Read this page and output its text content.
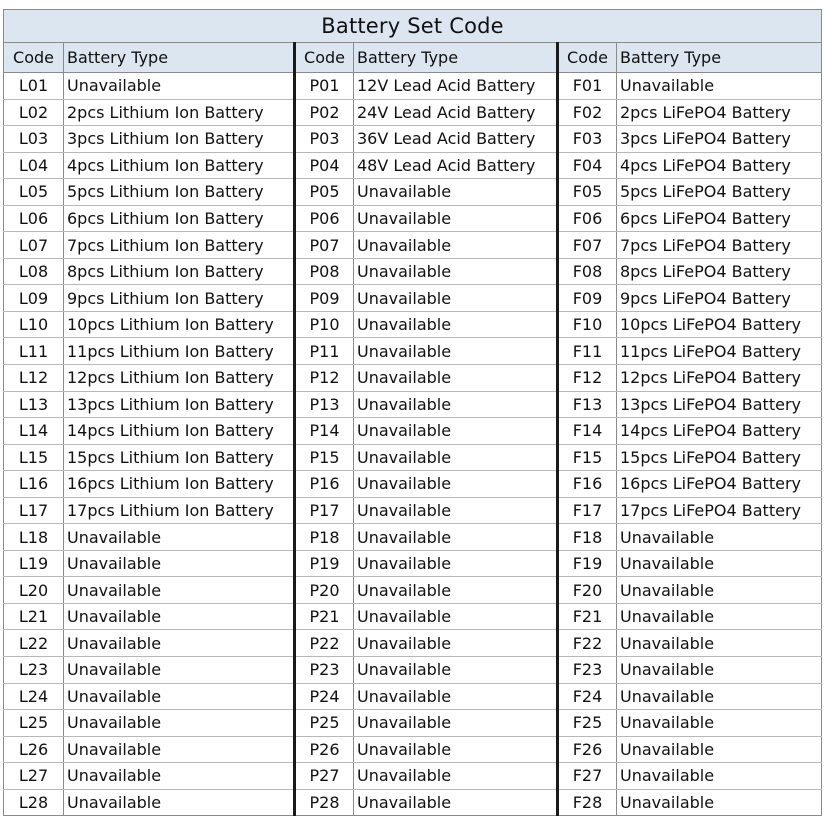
Battery Set Code					
Code	Battery Type	Code	Battery Type	Code	Battery Type
L01	Unavailable	P01	12V Lead Acid Battery	F01	Unavailable
L02	2pcs Lithium Ion Battery	P02	24V Lead Acid Battery	F02	2pcs LiFePO4 Battery
L03	3pcs Lithium Ion Battery	P03	36V Lead Acid Battery	F03	3pcs LiFePO4 Battery
L04	4pcs Lithium Ion Battery	P04	48V Lead Acid Battery	F04	4pcs LiFePO4 Battery
L05	5pcs Lithium Ion Battery	P05	Unavailable	F05	5pcs LiFePO4 Battery
L06	6pcs Lithium Ion Battery	P06	Unavailable	F06	6pcs LiFePO4 Battery
L07	7pcs Lithium Ion Battery	P07	Unavailable	F07	7pcs LiFePO4 Battery
L08	8pcs Lithium Ion Battery	P08	Unavailable	F08	8pcs LiFePO4 Battery
L09	9pcs Lithium Ion Battery	P09	Unavailable	F09	9pcs LiFePO4 Battery
L10	10pcs Lithium Ion Battery	P10	Unavailable	F10	10pcs LiFePO4 Battery
L11	11pcs Lithium Ion Battery	P11	Unavailable	F11	11pcs LiFePO4 Battery
L12	12pcs Lithium Ion Battery	P12	Unavailable	F12	12pcs LiFePO4 Battery
L13	13pcs Lithium Ion Battery	P13	Unavailable	F13	13pcs LiFePO4 Battery
L14	14pcs Lithium Ion Battery	P14	Unavailable	F14	14pcs LiFePO4 Battery
L15	15pcs Lithium Ion Battery	P15	Unavailable	F15	15pcs LiFePO4 Battery
L16	16pcs Lithium Ion Battery	P16	Unavailable	F16	16pcs LiFePO4 Battery
L17	17pcs Lithium Ion Battery	P17	Unavailable	F17	17pcs LiFePO4 Battery
L18	Unavailable	P18	Unavailable	F18	Unavailable
L19	Unavailable	P19	Unavailable	F19	Unavailable
L20	Unavailable	P20	Unavailable	F20	Unavailable
L21	Unavailable	P21	Unavailable	F21	Unavailable
L22	Unavailable	P22	Unavailable	F22	Unavailable
L23	Unavailable	P23	Unavailable	F23	Unavailable
L24	Unavailable	P24	Unavailable	F24	Unavailable
L25	Unavailable	P25	Unavailable	F25	Unavailable
L26	Unavailable	P26	Unavailable	F26	Unavailable
L27	Unavailable	P27	Unavailable	F27	Unavailable
L28	Unavailable	P28	Unavailable	F28	Unavailable
